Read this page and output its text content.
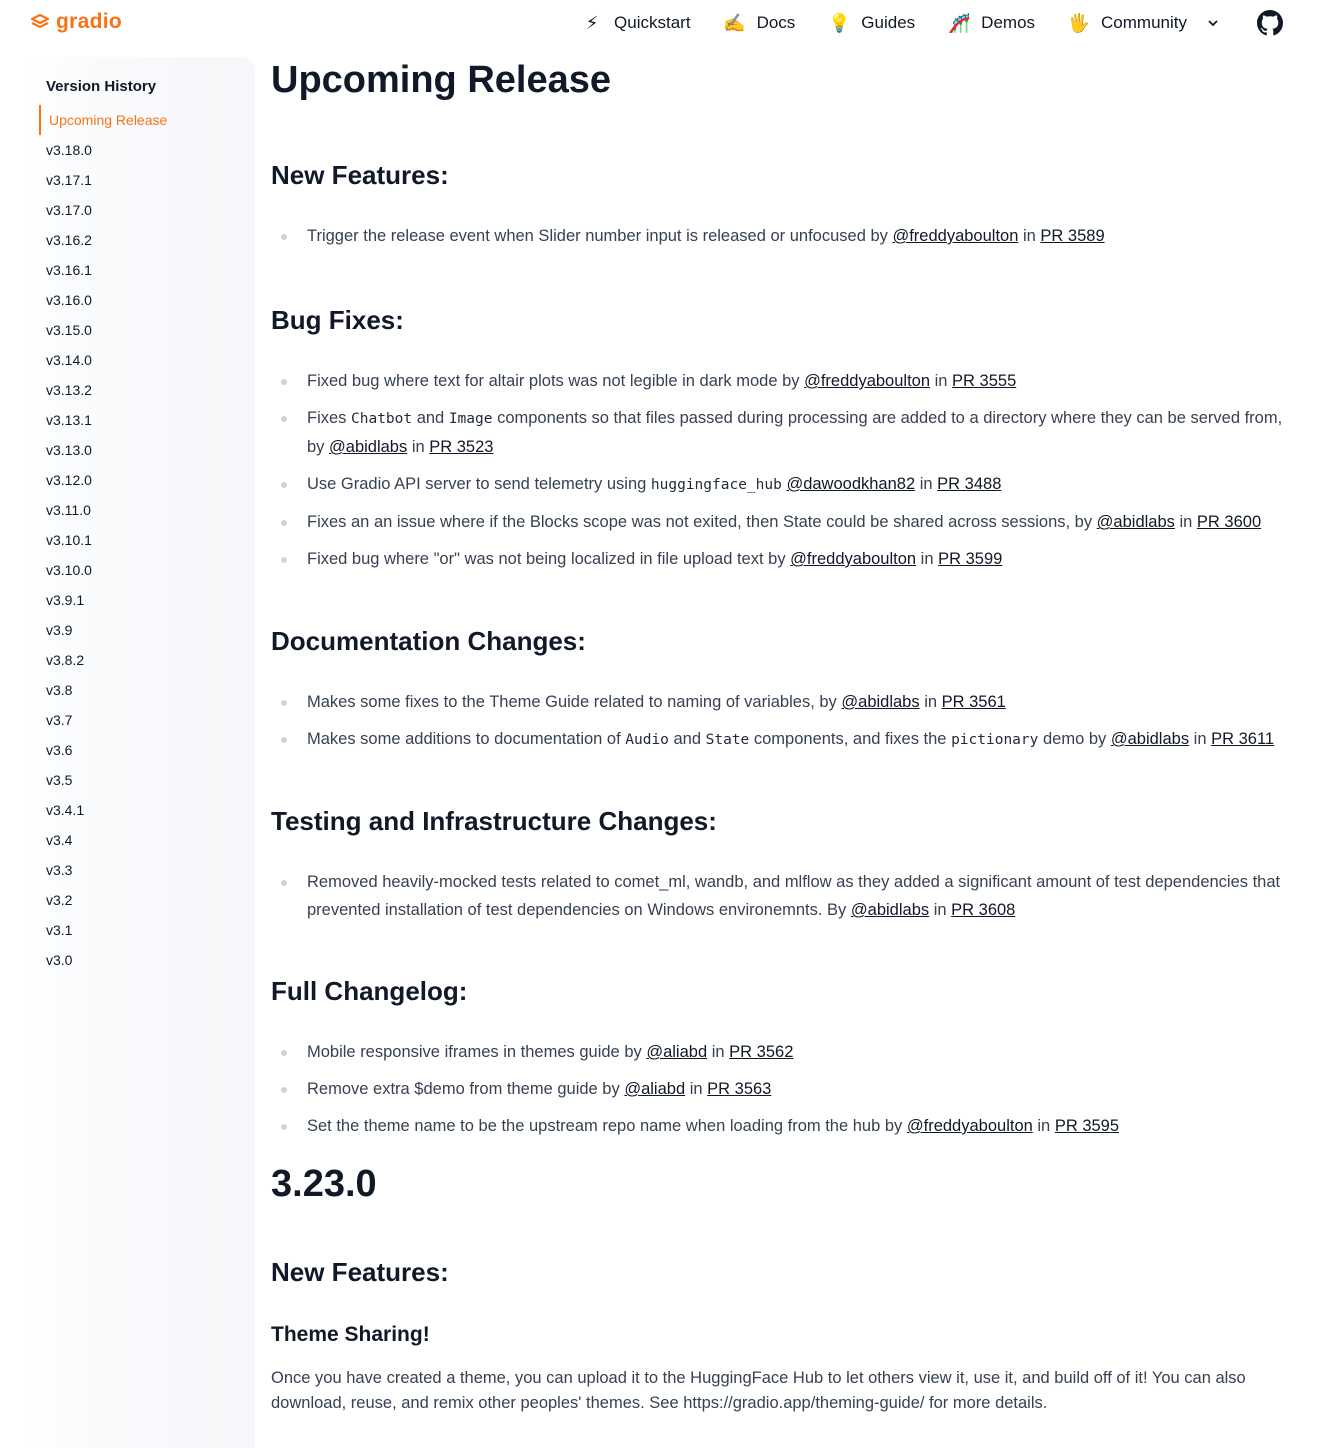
gradio	⚡ Quickstart ✍️ Docs 💡 Guides 🎢 Demos 🖐️ Community
Version History
Upcoming Release
v3.18.0
v3.17.1
v3.17.0
v3.16.2
v3.16.1
v3.16.0
v3.15.0
v3.14.0
v3.13.2
v3.13.1
v3.13.0
v3.12.0
v3.11.0
v3.10.1
v3.10.0
v3.9.1
v3.9
v3.8.2
v3.8
v3.7
v3.6
v3.5
v3.4.1
v3.4
v3.3
v3.2
v3.1
v3.0
Upcoming Release
New Features:
Trigger the release event when Slider number input is released or unfocused by @freddyaboulton in PR 3589
Bug Fixes:
Fixed bug where text for altair plots was not legible in dark mode by @freddyaboulton in PR 3555
Fixes Chatbot and Image components so that files passed during processing are added to a directory where they can be served from, by @abidlabs in PR 3523
Use Gradio API server to send telemetry using huggingface_hub @dawoodkhan82 in PR 3488
Fixes an an issue where if the Blocks scope was not exited, then State could be shared across sessions, by @abidlabs in PR 3600
Fixed bug where "or" was not being localized in file upload text by @freddyaboulton in PR 3599
Documentation Changes:
Makes some fixes to the Theme Guide related to naming of variables, by @abidlabs in PR 3561
Makes some additions to documentation of Audio and State components, and fixes the pictionary demo by @abidlabs in PR 3611
Testing and Infrastructure Changes:
Removed heavily-mocked tests related to comet_ml, wandb, and mlflow as they added a significant amount of test dependencies that prevented installation of test dependencies on Windows environemnts. By @abidlabs in PR 3608
Full Changelog:
Mobile responsive iframes in themes guide by @aliabd in PR 3562
Remove extra $demo from theme guide by @aliabd in PR 3563
Set the theme name to be the upstream repo name when loading from the hub by @freddyaboulton in PR 3595
3.23.0
New Features:
Theme Sharing!

Once you have created a theme, you can upload it to the HuggingFace Hub to let others view it, use it, and build off of it! You can also download, reuse, and remix other peoples' themes. See https://gradio.app/theming-guide/ for more details.
